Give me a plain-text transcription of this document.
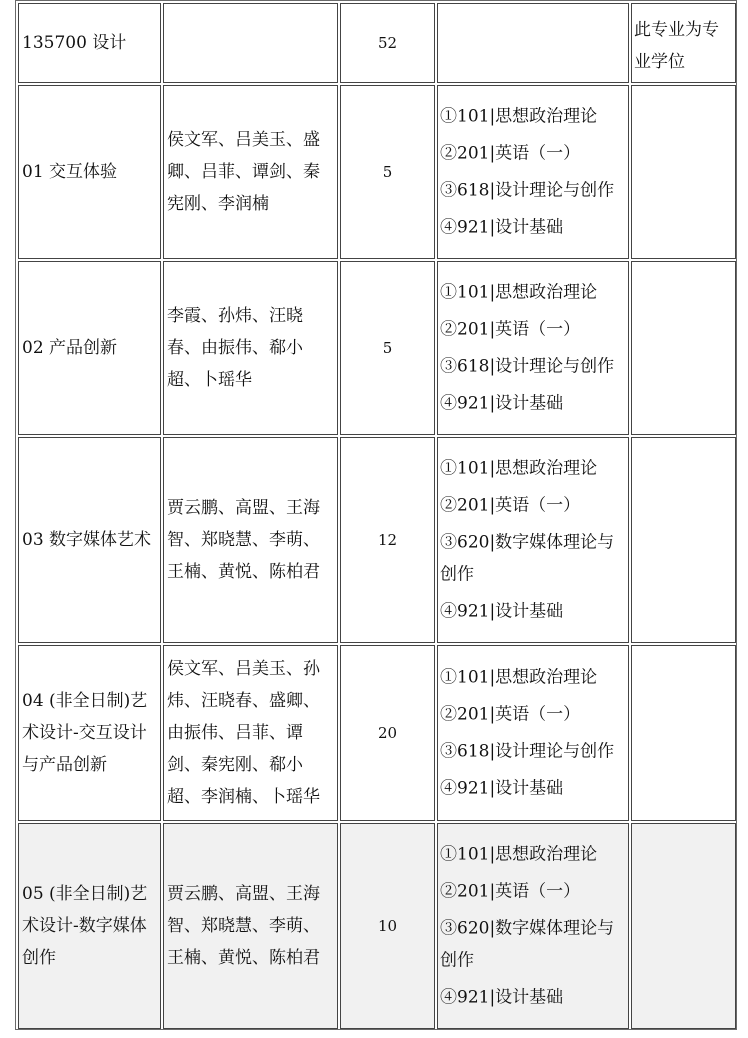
135700 设计	52
此专业为专
业学位
01 交互体验
侯文军、吕美玉、盛
卿、吕菲、谭剑、秦
宪刚、李润楠
5
①101|思想政治理论
②201|英语（一）
③618|设计理论与创作
④921|设计基础
02 产品创新
李霞、孙炜、汪晓
春、由振伟、郗小
超、卜瑶华
5
①101|思想政治理论
②201|英语（一）
③618|设计理论与创作
④921|设计基础
03 数字媒体艺术
贾云鹏、高盟、王海
智、郑晓慧、李萌、
王楠、黄悦、陈柏君
12
①101|思想政治理论
②201|英语（一）
③620|数字媒体理论与
创作
④921|设计基础
04 (非全日制)艺
术设计-交互设计
与产品创新
侯文军、吕美玉、孙
炜、汪晓春、盛卿、
由振伟、吕菲、谭
剑、秦宪刚、郗小
超、李润楠、卜瑶华
20
①101|思想政治理论
②201|英语（一）
③618|设计理论与创作
④921|设计基础
05 (非全日制)艺
术设计-数字媒体
创作
贾云鹏、高盟、王海
智、郑晓慧、李萌、
王楠、黄悦、陈柏君
10
①101|思想政治理论
②201|英语（一）
③620|数字媒体理论与
创作
④921|设计基础
